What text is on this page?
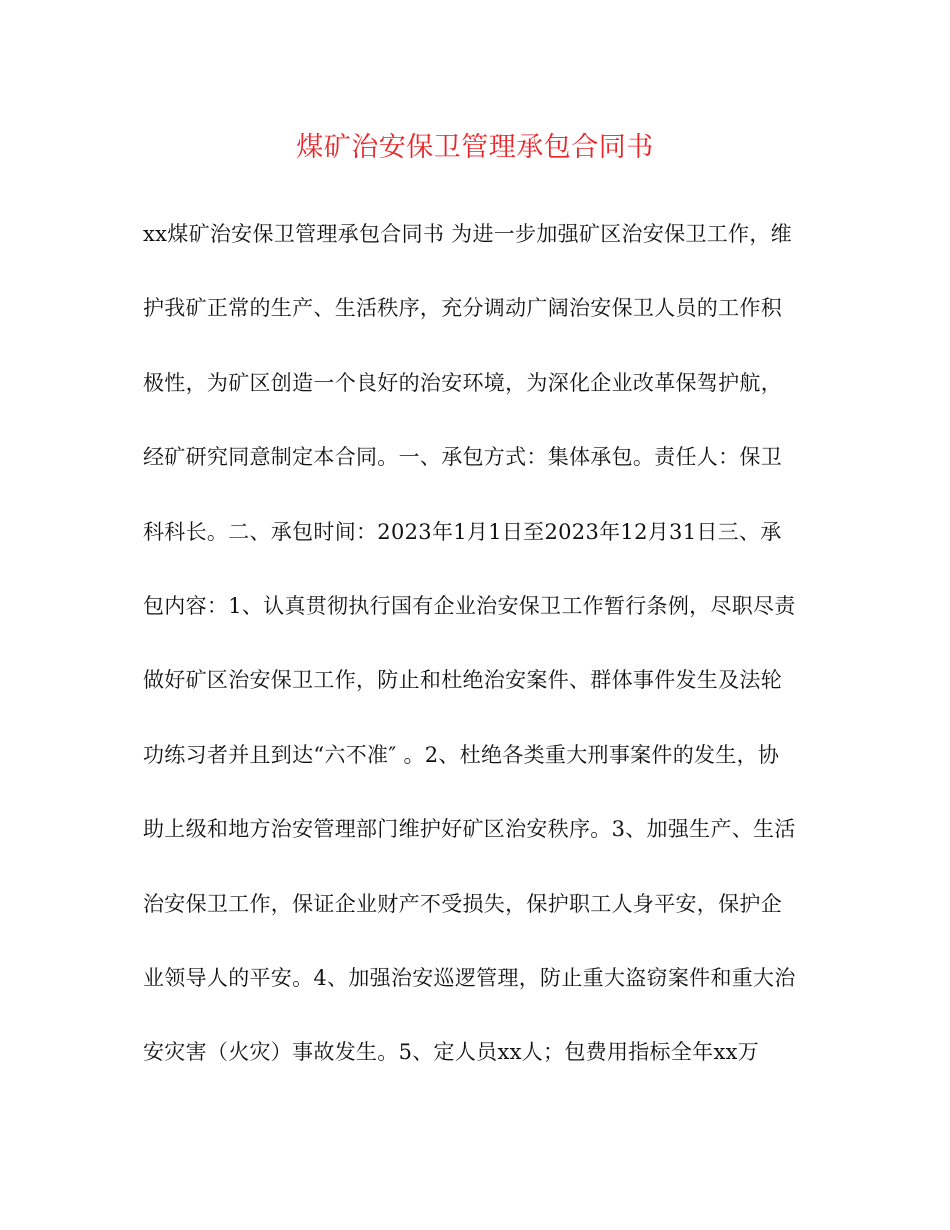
煤矿治安保卫管理承包合同书
xx煤矿治安保卫管理承包合同书 为进一步加强矿区治安保卫工作，维
护我矿正常的生产、生活秩序，充分调动广阔治安保卫人员的工作积
极性，为矿区创造一个良好的治安环境，为深化企业改革保驾护航，
经矿研究同意制定本合同。一、承包方式：集体承包。责任人：保卫
科科长。二、承包时间：2023年1月1日至2023年12月31日三、承
包内容：1、认真贯彻执行国有企业治安保卫工作暂行条例，尽职尽责
做好矿区治安保卫工作，防止和杜绝治安案件、群体事件发生及法轮
功练习者并且到达“六不准″ 。2、杜绝各类重大刑事案件的发生，协
助上级和地方治安管理部门维护好矿区治安秩序。3、加强生产、生活
治安保卫工作，保证企业财产不受损失，保护职工人身平安，保护企
业领导人的平安。4、加强治安巡逻管理，防止重大盗窃案件和重大治
安灾害（火灾）事故发生。5、定人员xx人；包费用指标全年xx万
